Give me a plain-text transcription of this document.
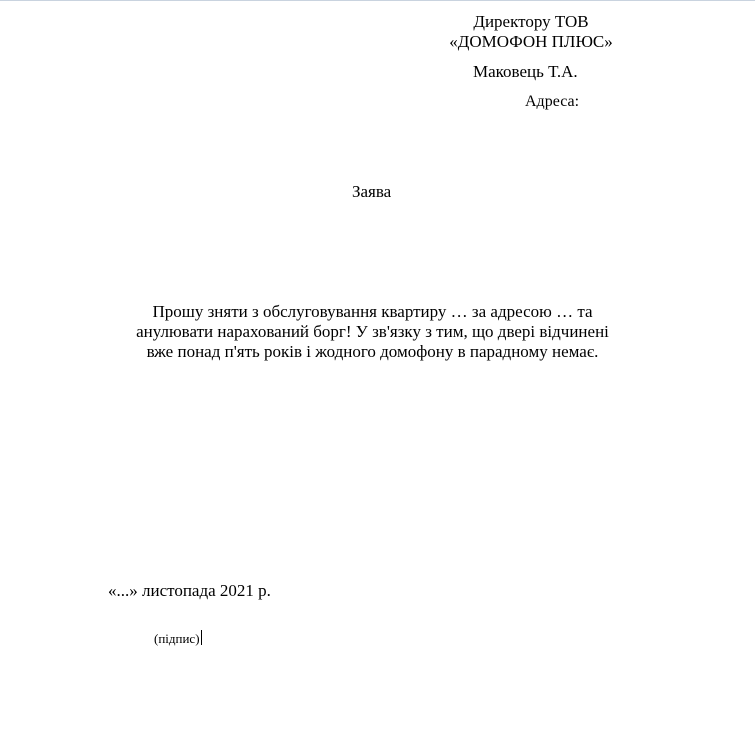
Директору ТОВ
«ДОМОФОН ПЛЮС»
Маковець Т.А.
Адреса:
Заява
Прошу зняти з обслуговування квартиру … за адресою … та
анулювати нарахований борг! У зв'язку з тим, що двері відчинені
вже понад п'ять років і жодного домофону в парадному немає.
«...» листопада 2021 р.
(підпис)
